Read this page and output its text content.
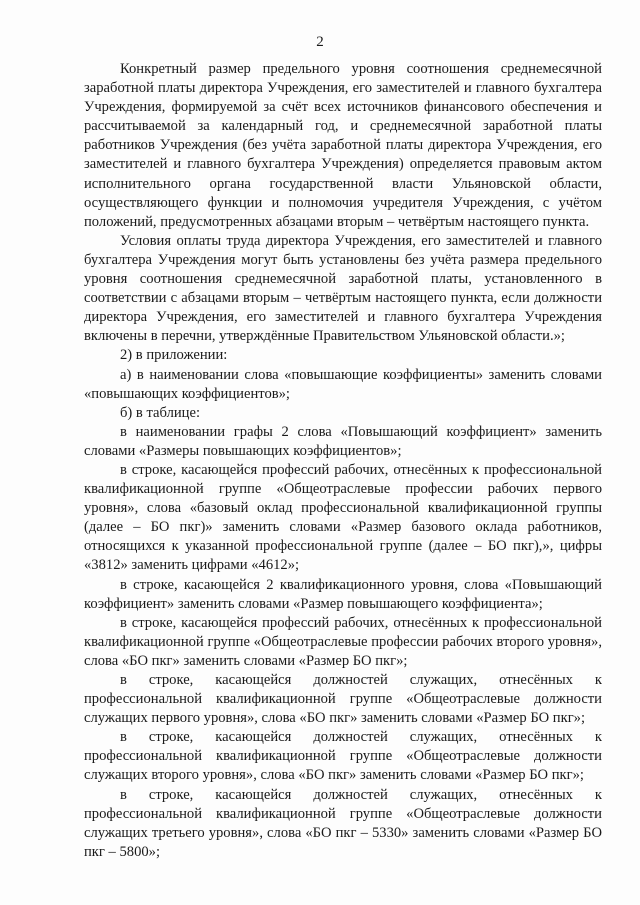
2

Конкретный размер предельного уровня соотношения среднемесячной заработной платы директора Учреждения, его заместителей и главного бухгалтера Учреждения, формируемой за счёт всех источников финансового обеспечения и рассчитываемой за календарный год, и среднемесячной заработной платы работников Учреждения (без учёта заработной платы директора Учреждения, его заместителей и главного бухгалтера Учреждения) определяется правовым актом исполнительного органа государственной власти Ульяновской области, осуществляющего функции и полномочия учредителя Учреждения, с учётом положений, предусмотренных абзацами вторым – четвёртым настоящего пункта.

Условия оплаты труда директора Учреждения, его заместителей и главного бухгалтера Учреждения могут быть установлены без учёта размера предельного уровня соотношения среднемесячной заработной платы, установленного в соответствии с абзацами вторым – четвёртым настоящего пункта, если должности директора Учреждения, его заместителей и главного бухгалтера Учреждения включены в перечни, утверждённые Правительством Ульяновской области.»;

2) в приложении:

а) в наименовании слова «повышающие коэффициенты» заменить словами «повышающих коэффициентов»;

б) в таблице:

в наименовании графы 2 слова «Повышающий коэффициент» заменить словами «Размеры повышающих коэффициентов»;

в строке, касающейся профессий рабочих, отнесённых к профессиональной квалификационной группе «Общеотраслевые профессии рабочих первого уровня», слова «базовый оклад профессиональной квалификационной группы (далее – БО пкг)» заменить словами «Размер базового оклада работников, относящихся к указанной профессиональной группе (далее – БО пкг),», цифры «3812» заменить цифрами «4612»;

в строке, касающейся 2 квалификационного уровня, слова «Повышающий коэффициент» заменить словами «Размер повышающего коэффициента»;

в строке, касающейся профессий рабочих, отнесённых к профессиональной квалификационной группе «Общеотраслевые профессии рабочих второго уровня», слова «БО пкг» заменить словами «Размер БО пкг»;

в строке, касающейся должностей служащих, отнесённых к профессиональной квалификационной группе «Общеотраслевые должности служащих первого уровня», слова «БО пкг» заменить словами «Размер БО пкг»;

в строке, касающейся должностей служащих, отнесённых к профессиональной квалификационной группе «Общеотраслевые должности служащих второго уровня», слова «БО пкг» заменить словами «Размер БО пкг»;

в строке, касающейся должностей служащих, отнесённых к профессиональной квалификационной группе «Общеотраслевые должности служащих третьего уровня», слова «БО пкг – 5330» заменить словами «Размер БО пкг – 5800»;
